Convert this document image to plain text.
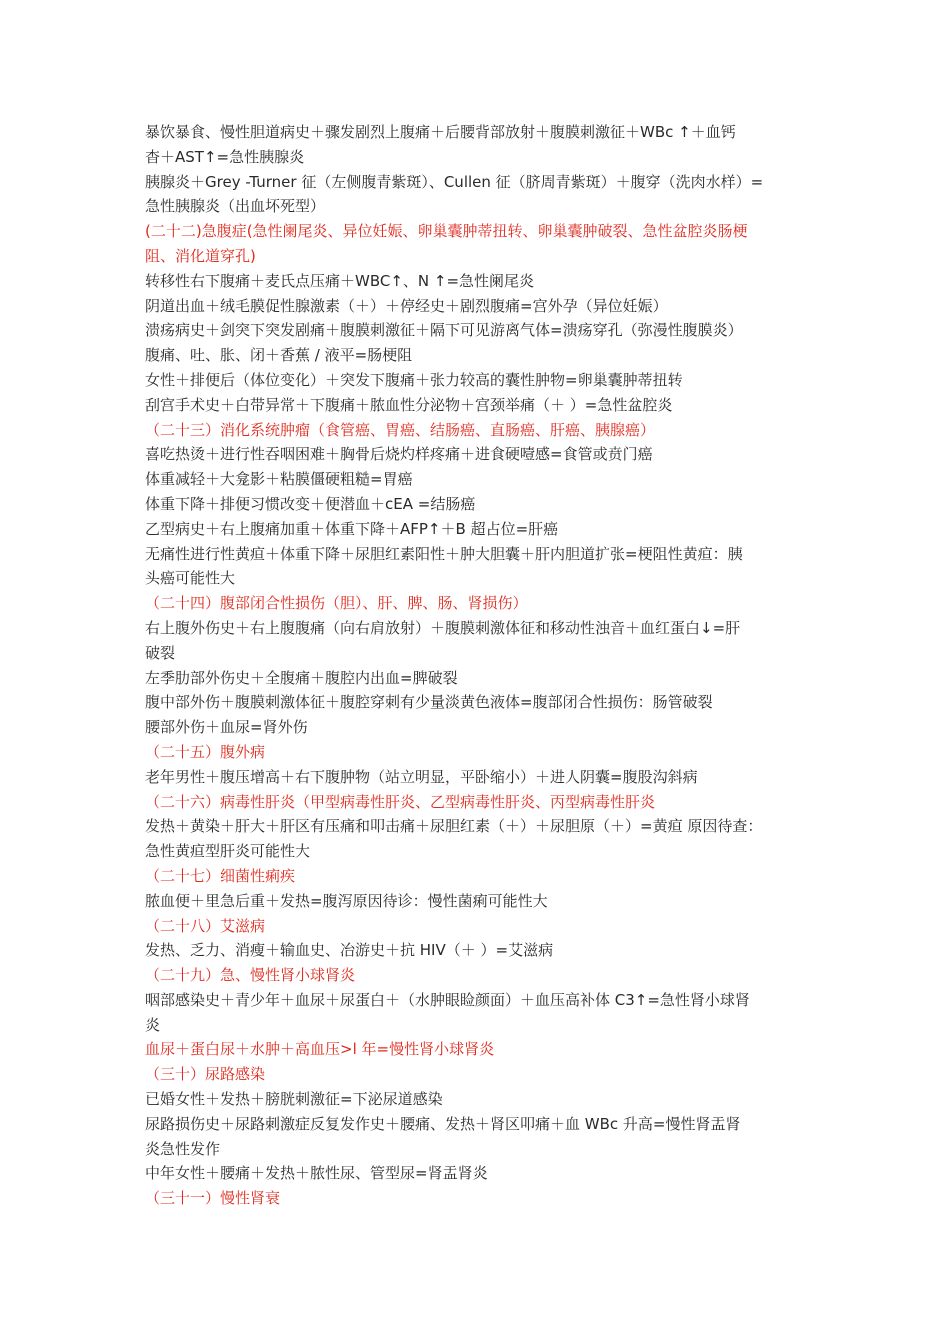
暴饮暴食、慢性胆道病史＋骤发剧烈上腹痛＋后腰背部放射＋腹膜刺激征＋WBc ↑＋血钙
杳＋AST↑=急性胰腺炎
胰腺炎＋Grey -Turner 征（左侧腹青紫斑）、Cullen 征（脐周青紫斑）＋腹穿（洗肉水样）=
急性胰腺炎（出血坏死型）
(二十二)急腹症(急性阑尾炎、异位妊娠、卵巢囊肿蒂扭转、卵巢囊肿破裂、急性盆腔炎肠梗
阻、消化道穿孔)
转移性右下腹痛＋麦氏点压痛＋WBC↑、N ↑=急性阑尾炎
阴道出血＋绒毛膜促性腺激素（＋）＋停经史＋剧烈腹痛=宫外孕（异位妊娠）
溃疡病史＋剑突下突发剧痛＋腹膜刺激征＋隔下可见游离气体=溃疡穿孔（弥漫性腹膜炎）
腹痛、吐、胀、闭＋香蕉 / 液平=肠梗阻
女性＋排便后（体位变化）＋突发下腹痛＋张力较高的囊性肿物=卵巢囊肿蒂扭转
刮宫手术史＋白带异常＋下腹痛＋脓血性分泌物＋宫颈举痛（＋ ）=急性盆腔炎
（二十三）消化系统肿瘤（食管癌、胃癌、结肠癌、直肠癌、肝癌、胰腺癌）
喜吃热烫＋进行性吞咽困难＋胸骨后烧灼样疼痛＋进食硬噎感=食管或贲门癌
体重减轻＋大龛影＋粘膜僵硬粗糙=胃癌
体重下降＋排便习惯改变＋便潜血＋cEA =结肠癌
乙型病史＋右上腹痛加重＋体重下降＋AFP↑＋B 超占位=肝癌
无痛性进行性黄疸＋体重下降＋尿胆红素阳性＋肿大胆囊＋肝内胆道扩张=梗阻性黄疸：胰
头癌可能性大
（二十四）腹部闭合性损伤（胆）、肝、脾、肠、肾损伤）
右上腹外伤史＋右上腹腹痛（向右肩放射）＋腹膜刺激体征和移动性浊音＋血红蛋白↓=肝
破裂
左季肋部外伤史＋全腹痛＋腹腔内出血=脾破裂
腹中部外伤＋腹膜刺激体征＋腹腔穿刺有少量淡黄色液体=腹部闭合性损伤：肠管破裂
腰部外伤＋血尿=肾外伤
（二十五）腹外病
老年男性＋腹压增高＋右下腹肿物（站立明显，平卧缩小）＋进人阴囊=腹股沟斜病
（二十六）病毒性肝炎（甲型病毒性肝炎、乙型病毒性肝炎、丙型病毒性肝炎
发热＋黄染＋肝大＋肝区有压痛和叩击痛＋尿胆红素（＋）＋尿胆原（＋）=黄疸 原因待查：
急性黄疸型肝炎可能性大
（二十七）细菌性痢疾
脓血便＋里急后重＋发热=腹泻原因待诊：慢性菌痢可能性大
（二十八）艾滋病
发热、乏力、消瘦＋输血史、冶游史＋抗 HIV（＋ ）=艾滋病
（二十九）急、慢性肾小球肾炎
咽部感染史＋青少年＋血尿＋尿蛋白＋（水肿眼睑颜面）＋血压高补体 C3↑=急性肾小球肾
炎
血尿＋蛋白尿＋水肿＋高血压>l 年=慢性肾小球肾炎
（三十）尿路感染
已婚女性＋发热＋膀胱刺激征=下泌尿道感染
尿路损伤史＋尿路刺激症反复发作史＋腰痛、发热＋肾区叩痛＋血 WBc 升高=慢性肾盂肾
炎急性发作
中年女性＋腰痛＋发热＋脓性尿、管型尿=肾盂肾炎
（三十一）慢性肾衰
